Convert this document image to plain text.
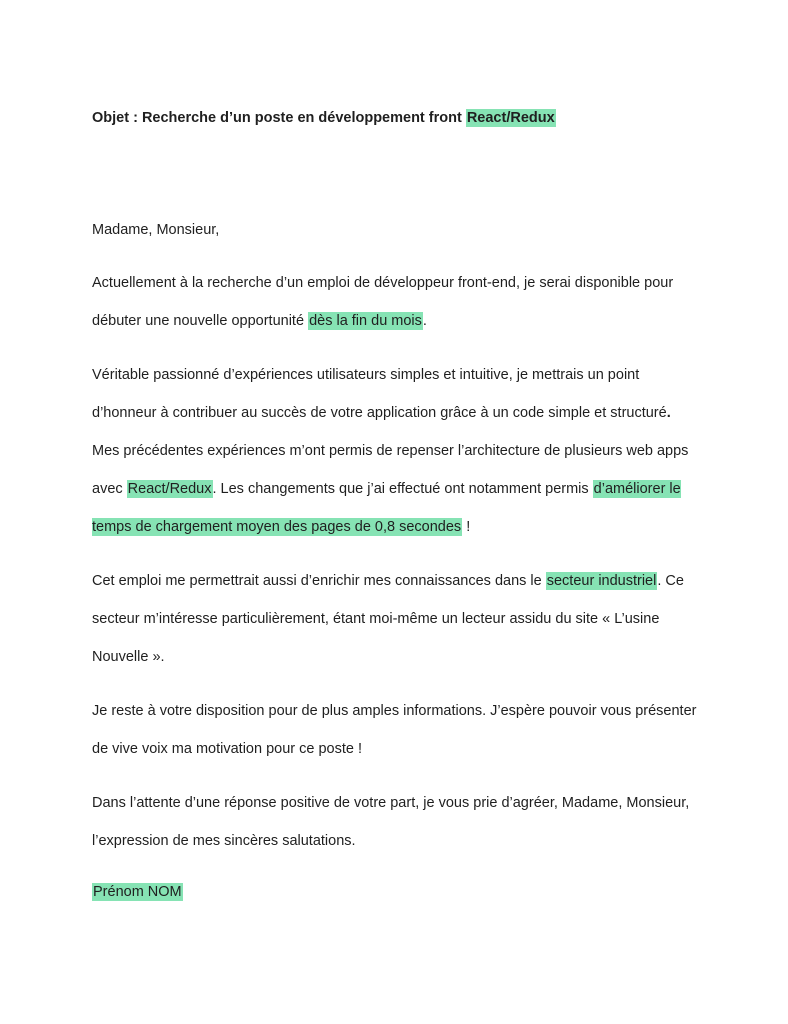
Objet : Recherche d’un poste en développement front React/Redux

Madame, Monsieur,

Actuellement à la recherche d’un emploi de développeur front-end, je serai disponible pour débuter une nouvelle opportunité dès la fin du mois.

Véritable passionné d’expériences utilisateurs simples et intuitive, je mettrais un point d’honneur à contribuer au succès de votre application grâce à un code simple et structuré. Mes précédentes expériences m’ont permis de repenser l’architecture de plusieurs web apps avec React/Redux. Les changements que j’ai effectué ont notamment permis d’améliorer le temps de chargement moyen des pages de 0,8 secondes !

Cet emploi me permettrait aussi d’enrichir mes connaissances dans le secteur industriel. Ce secteur m’intéresse particulièrement, étant moi-même un lecteur assidu du site « L’usine Nouvelle ».

Je reste à votre disposition pour de plus amples informations. J’espère pouvoir vous présenter de vive voix ma motivation pour ce poste !

Dans l’attente d’une réponse positive de votre part, je vous prie d’agréer, Madame, Monsieur, l’expression de mes sincères salutations.

Prénom NOM
